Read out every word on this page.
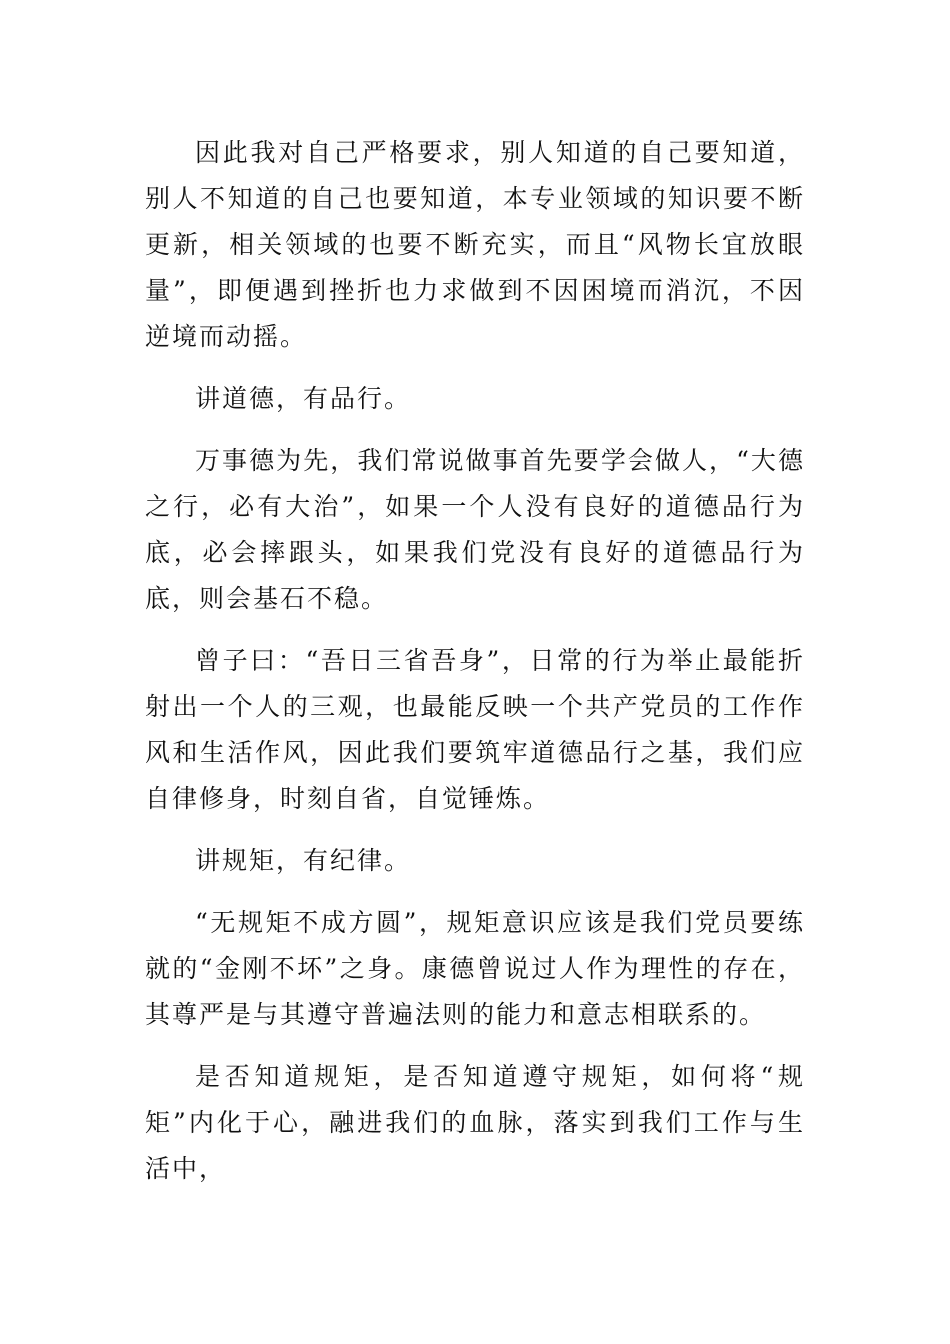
因此我对自己严格要求，别人知道的自己要知道，别人不知道的自己也要知道，本专业领域的知识要不断更新，相关领域的也要不断充实，而且“风物长宜放眼量”，即便遇到挫折也力求做到不因困境而消沉，不因逆境而动摇。

讲道德，有品行。

万事德为先，我们常说做事首先要学会做人，“大德之行，必有大治”，如果一个人没有良好的道德品行为底，必会摔跟头，如果我们党没有良好的道德品行为底，则会基石不稳。

曾子曰：“吾日三省吾身”，日常的行为举止最能折射出一个人的三观，也最能反映一个共产党员的工作作风和生活作风，因此我们要筑牢道德品行之基，我们应自律修身，时刻自省，自觉锤炼。

讲规矩，有纪律。

“无规矩不成方圆”，规矩意识应该是我们党员要练就的“金刚不坏”之身。康德曾说过人作为理性的存在，其尊严是与其遵守普遍法则的能力和意志相联系的。

是否知道规矩，是否知道遵守规矩，如何将“规矩”内化于心，融进我们的血脉，落实到我们工作与生活中，
